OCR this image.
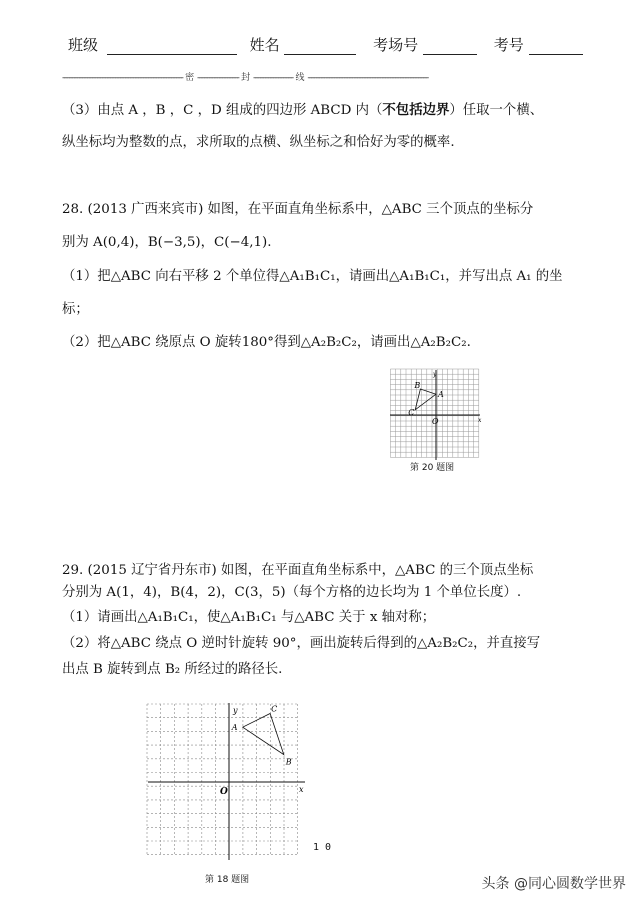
班级	姓名	考场号	考号
------------------------------------------------------------------------- 密 ------------------------- 封 ------------------------ 线 -------------------------------------------------------------------------
（3）由点 A ，B ，C ，D 组成的四边形 ABCD 内（不包括边界）任取一个横、
纵坐标均为整数的点，求所取的点横、纵坐标之和恰好为零的概率.
28. (2013 广西来宾市) 如图，在平面直角坐标系中，△ABC 三个顶点的坐标分
别为 A(0,4)，B(−3,5)，C(−4,1).
（1）把△ABC 向右平移 2 个单位得△A₁B₁C₁，请画出△A₁B₁C₁，并写出点 A₁ 的坐
标；
（2）把△ABC 绕原点 O 旋转180°得到△A₂B₂C₂，请画出△A₂B₂C₂.
y
x
O
A
B
C
第 20 题图
29. (2015 辽宁省丹东市) 如图，在平面直角坐标系中，△ABC 的三个顶点坐标
分别为 A(1，4)，B(4，2)，C(3，5)（每个方格的边长均为 1 个单位长度）.
（1）请画出△A₁B₁C₁，使△A₁B₁C₁ 与△ABC 关于 x 轴对称；
（2）将△ABC 绕点 O 逆时针旋转 90°，画出旋转后得到的△A₂B₂C₂，并直接写
出点 B 旋转到点 B₂ 所经过的路径长.
y
x
O
A
B
C
1 0
第 18 题图	头条 @同心圆数学世界
